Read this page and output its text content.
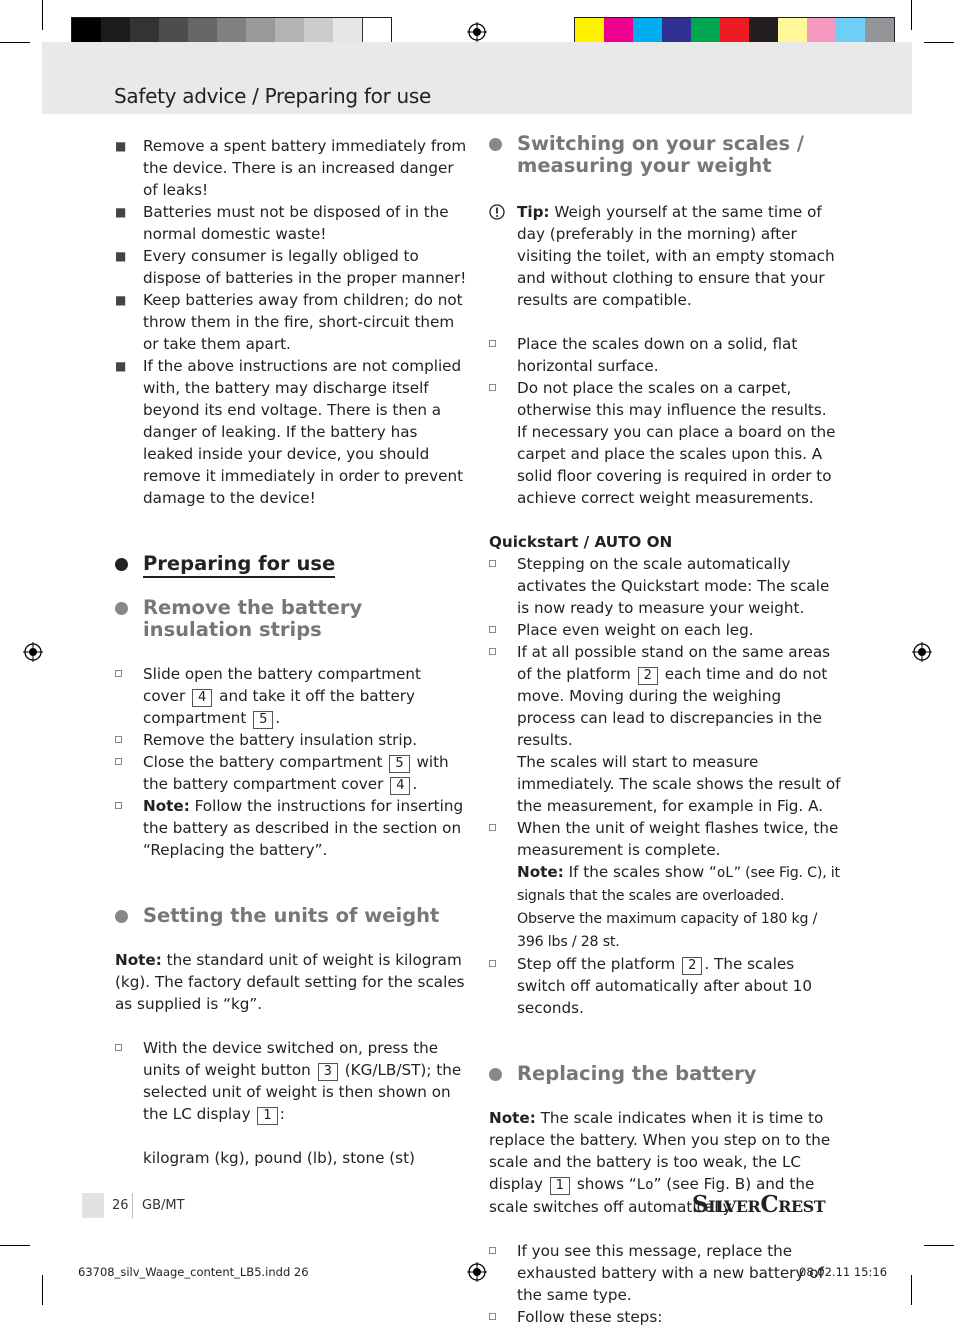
Safety advice / Preparing for use
■ Remove a spent battery immediately from the device. There is an increased danger of leaks!
■ Batteries must not be disposed of in the normal domestic waste!
■ Every consumer is legally obliged to dispose of batteries in the proper manner!
■ Keep batteries away from children; do not throw them in the fire, short-circuit them or take them apart.
■ If the above instructions are not complied with, the battery may discharge itself beyond its end voltage. There is then a danger of leaking. If the battery has leaked inside your device, you should remove it immediately in order to prevent damage to the device!
Preparing for use
Remove the battery insulation strips
Slide open the battery compartment cover 4 and take it off the battery compartment 5 .
Remove the battery insulation strip.
Close the battery compartment 5 with the battery compartment cover 4 .
Note: Follow the instructions for inserting the battery as described in the section on “Replacing the battery”.
Setting the units of weight

Note: the standard unit of weight is kilogram (kg). The factory default setting for the scales as supplied is “kg”.

With the device switched on, press the units of weight button 3 (KG/LB/ST); the selected unit of weight is then shown on the LC display 1 :
kilogram (kg), pound (lb), stone (st)
Switching on your scales / measuring your weight
Tip: Weigh yourself at the same time of day (preferably in the morning) after visiting the toilet, with an empty stomach and without clothing to ensure that your results are compatible.
Place the scales down on a solid, flat horizontal surface.
Do not place the scales on a carpet, otherwise this may influence the results. If necessary you can place a board on the carpet and place the scales upon this. A solid floor covering is required in order to achieve correct weight measurements.

Quickstart / AUTO ON

Stepping on the scale automatically activates the Quickstart mode: The scale is now ready to measure your weight.
Place even weight on each leg.
If at all possible stand on the same areas of the platform 2 each time and do not move. Moving during the weighing process can lead to discrepancies in the results.

The scales will start to measure immediately. The scale shows the result of the measurement, for example in Fig. A.

When the unit of weight flashes twice, the measurement is complete.

Note: If the scales show “oL” (see Fig. C), it signals that the scales are overloaded. Observe the maximum capacity of 180 kg / 396 lbs / 28 st.

Step off the platform 2 . The scales switch off automatically after about 10 seconds.
Replacing the battery

Note: The scale indicates when it is time to replace the battery. When you step on to the scale and the battery is too weak, the LC display 1 shows “Lo” (see Fig. B) and the scale switches off automatically.

If you see this message, replace the exhausted battery with a new battery of the same type.
Follow these steps:
26 GB/MT	SilverCrest
63708_silv_Waage_content_LB5.indd 26	08.02.11 15:16
